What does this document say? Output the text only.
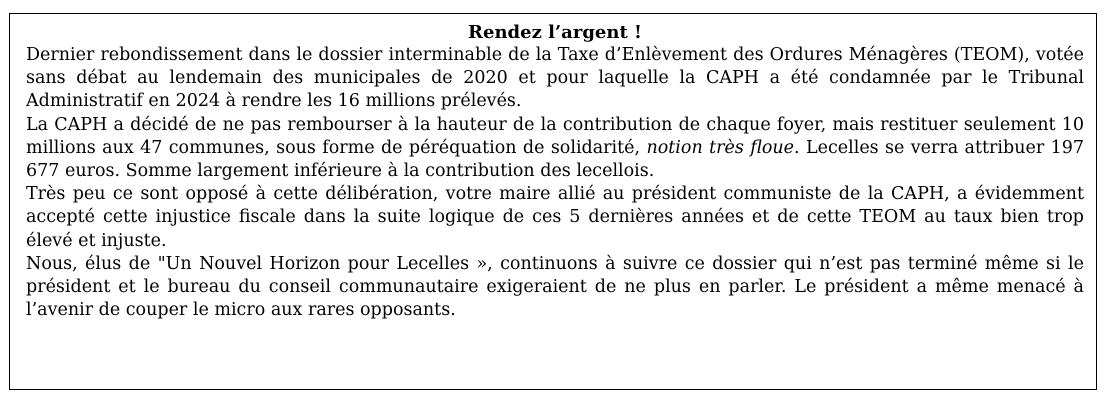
Rendez l’argent !

Dernier rebondissement dans le dossier interminable de la Taxe d’Enlèvement des Ordures Ménagères (TEOM), votée sans débat au lendemain des municipales de 2020 et pour laquelle la CAPH a été condamnée par le Tribunal Administratif en 2024 à rendre les 16 millions prélevés.

La CAPH a décidé de ne pas rembourser à la hauteur de la contribution de chaque foyer, mais restituer seulement 10 millions aux 47 communes, sous forme de péréquation de solidarité, notion très floue. Lecelles se verra attribuer 197 677 euros. Somme largement inférieure à la contribution des lecellois.

Très peu ce sont opposé à cette délibération, votre maire allié au président communiste de la CAPH, a évidemment accepté cette injustice fiscale dans la suite logique de ces 5 dernières années et de cette TEOM au taux bien trop élevé et injuste.

Nous, élus de "Un Nouvel Horizon pour Lecelles », continuons à suivre ce dossier qui n’est pas terminé même si le président et le bureau du conseil communautaire exigeraient de ne plus en parler. Le président a même menacé à l’avenir de couper le micro aux rares opposants.
